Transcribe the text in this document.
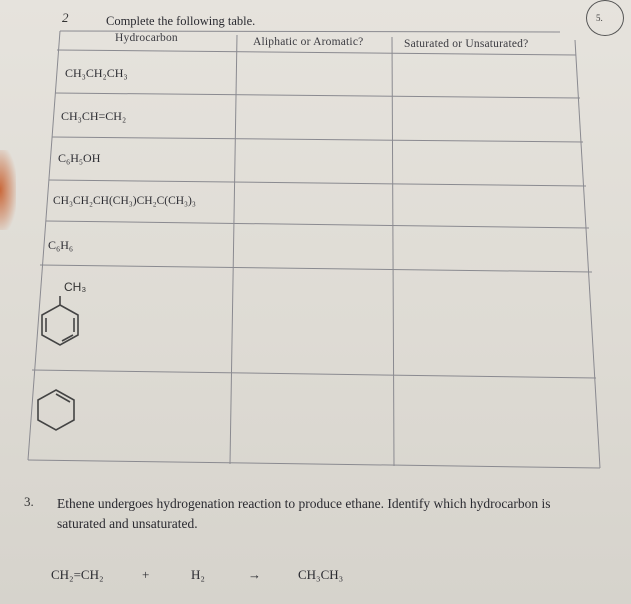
5.
2	Complete the following table.
Hydrocarbon	Aliphatic or Aromatic?	Saturated or Unsaturated?
CH₃CH₂CH₃
CH₃CH=CH₂
C₆H₅OH
CH₃CH₂CH(CH₃)CH₂C(CH₃)₃
C₆H₆
CH₃
3. Ethene undergoes hydrogenation reaction to produce ethane. Identify which hydrocarbon is saturated and unsaturated.
CH₂=CH₂	+	H₂	→	CH₃CH₃
